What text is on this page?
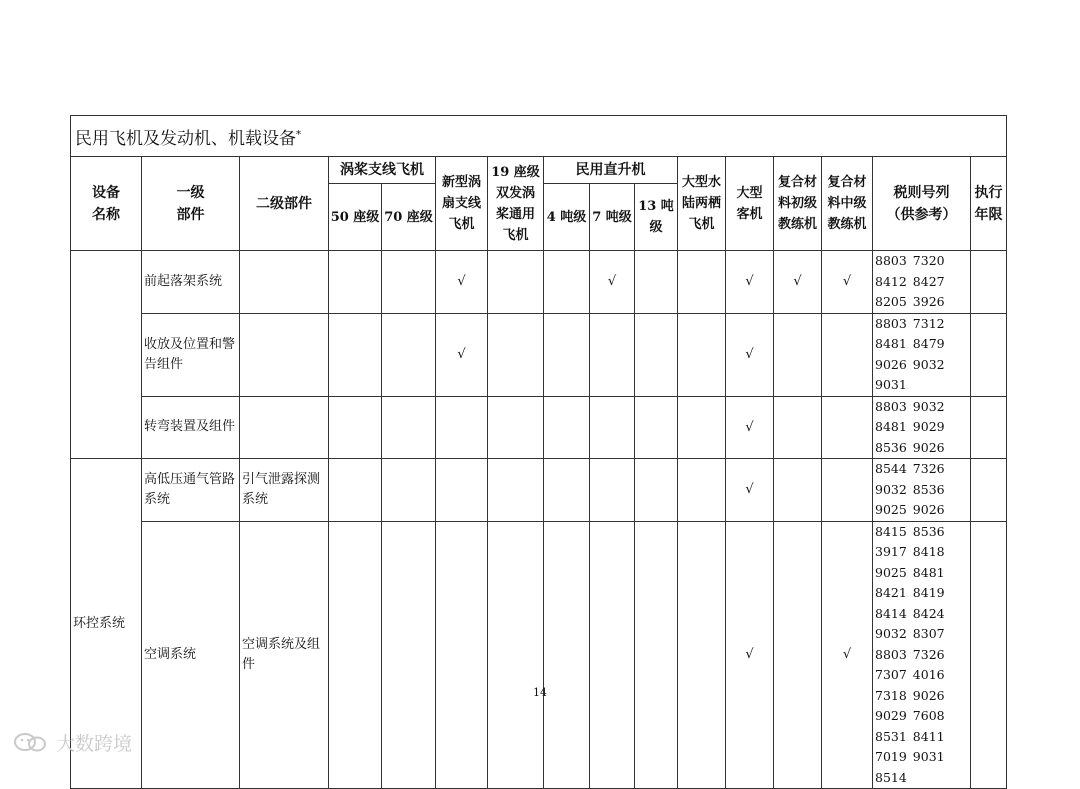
民用飞机及发动机、机载设备*
设备
名称	一级
部件	二级部件	涡桨支线飞机		新型涡
扇支线
飞机	19 座级
双发涡
桨通用
飞机	民用直升机			大型水
陆两栖
飞机	大型
客机	复合材
料初级
教练机	复合材
料中级
教练机	税则号列
（供参考）	执行
年限
			50 座级	70 座级			4 吨级	7 吨级	13 吨
级						
	前起落架系统				√			√			√	√	√	8803 7320 8412 8427 8205 3926	
	收放及位置和警告组件				√						√			8803 7312 8481 8479 9026 9032 9031	
	转弯装置及组件										√			8803 9032 8481 9029 8536 9026	
环控系统	高低压通气管路系统	引气泄露探测系统									√			8544 7326 9032 8536 9025 9026	
	空调系统	空调系统及组件									√		√	8415 8536 3917 8418 9025 8481 8421 8419 8414 8424 9032 8307 8803 7326 7307 4016 7318 9026 9029 7608 8531 8411 7019 9031 8514	
14
大数跨境
